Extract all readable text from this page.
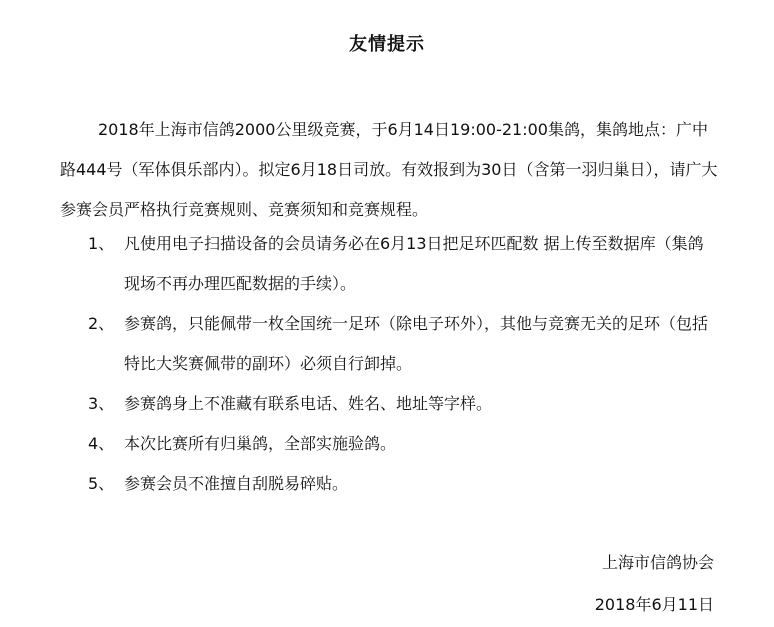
友情提示

2018年上海市信鸽2000公里级竞赛，于6月14日19:00-21:00集鸽，集鸽地点：广中路444号（军体俱乐部内）。拟定6月18日司放。有效报到为30日（含第一羽归巢日），请广大参赛会员严格执行竞赛规则、竞赛须知和竞赛规程。

1、 凡使用电子扫描设备的会员请务必在6月13日把足环匹配数 据上传至数据库（集鸽现场不再办理匹配数据的手续）。
2、 参赛鸽，只能佩带一枚全国统一足环（除电子环外），其他与竞赛无关的足环（包括特比大奖赛佩带的副环）必须自行卸掉。
3、 参赛鸽身上不准藏有联系电话、姓名、地址等字样。
4、 本次比赛所有归巢鸽，全部实施验鸽。
5、 参赛会员不准擅自刮脱易碎贴。
上海市信鸽协会
2018年6月11日
